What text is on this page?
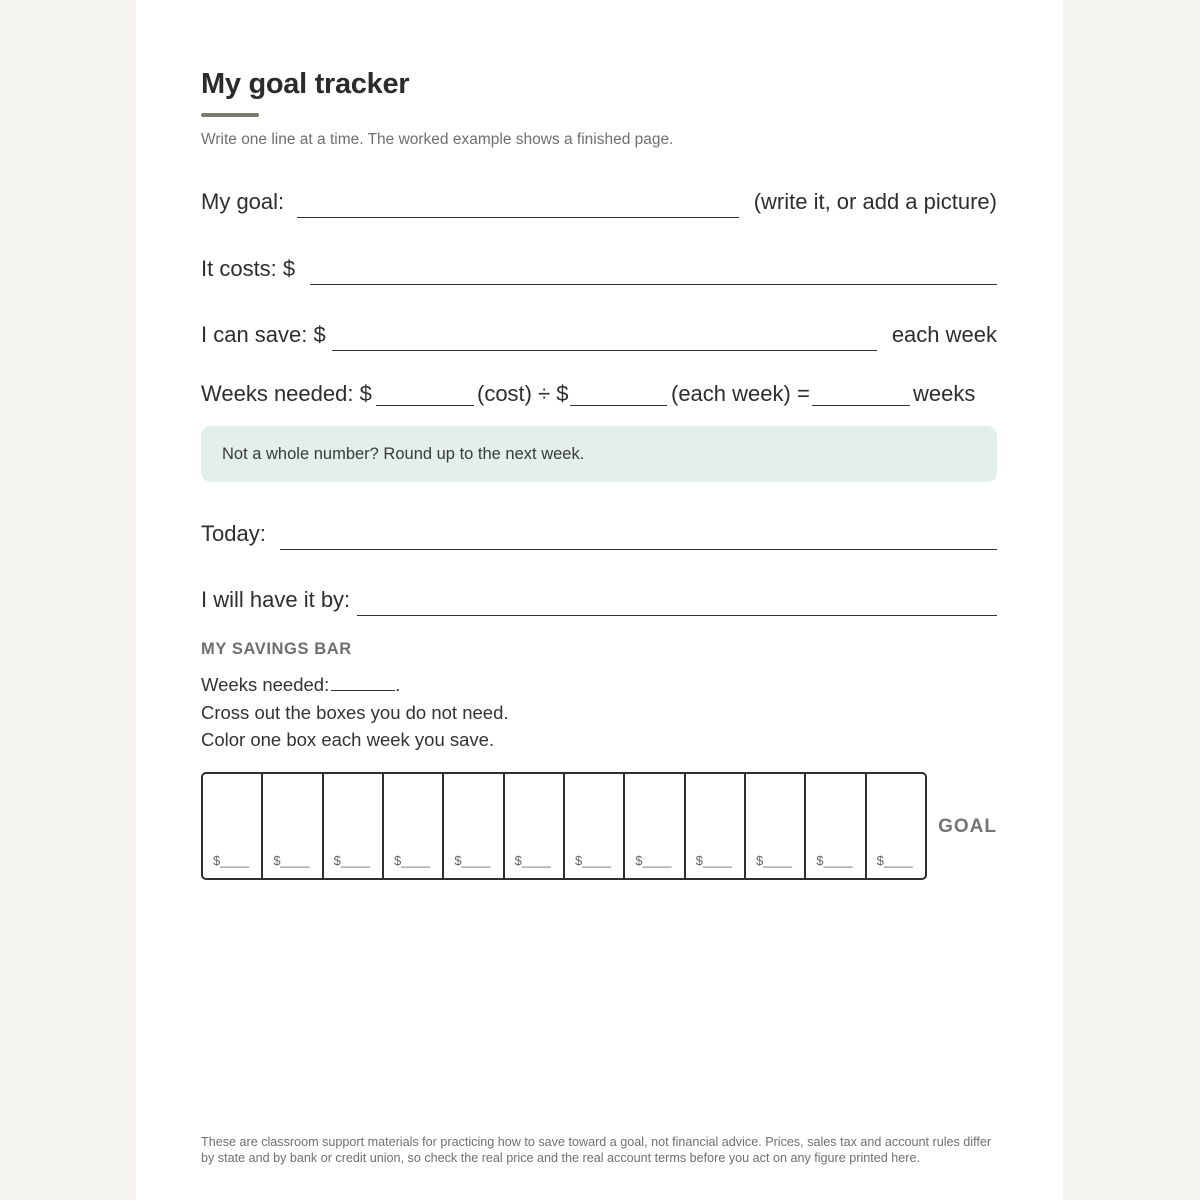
My goal tracker
Write one line at a time. The worked example shows a finished page.
My goal:	(write it, or add a picture)
It costs: $
I can save: $	each week
Weeks needed: $	(cost) ÷ $	(each week) =	weeks
Not a whole number? Round up to the next week.
Today:
I will have it by:
MY SAVINGS BAR
Weeks needed:	.
Cross out the boxes you do not need.
Color one box each week you save.
$____ $____ $____ $____ $____ $____ $____ $____ $____ $____ $____ $____
GOAL
These are classroom support materials for practicing how to save toward a goal, not financial advice. Prices, sales tax and account rules differ by state and by bank or credit union, so check the real price and the real account terms before you act on any figure printed here.
